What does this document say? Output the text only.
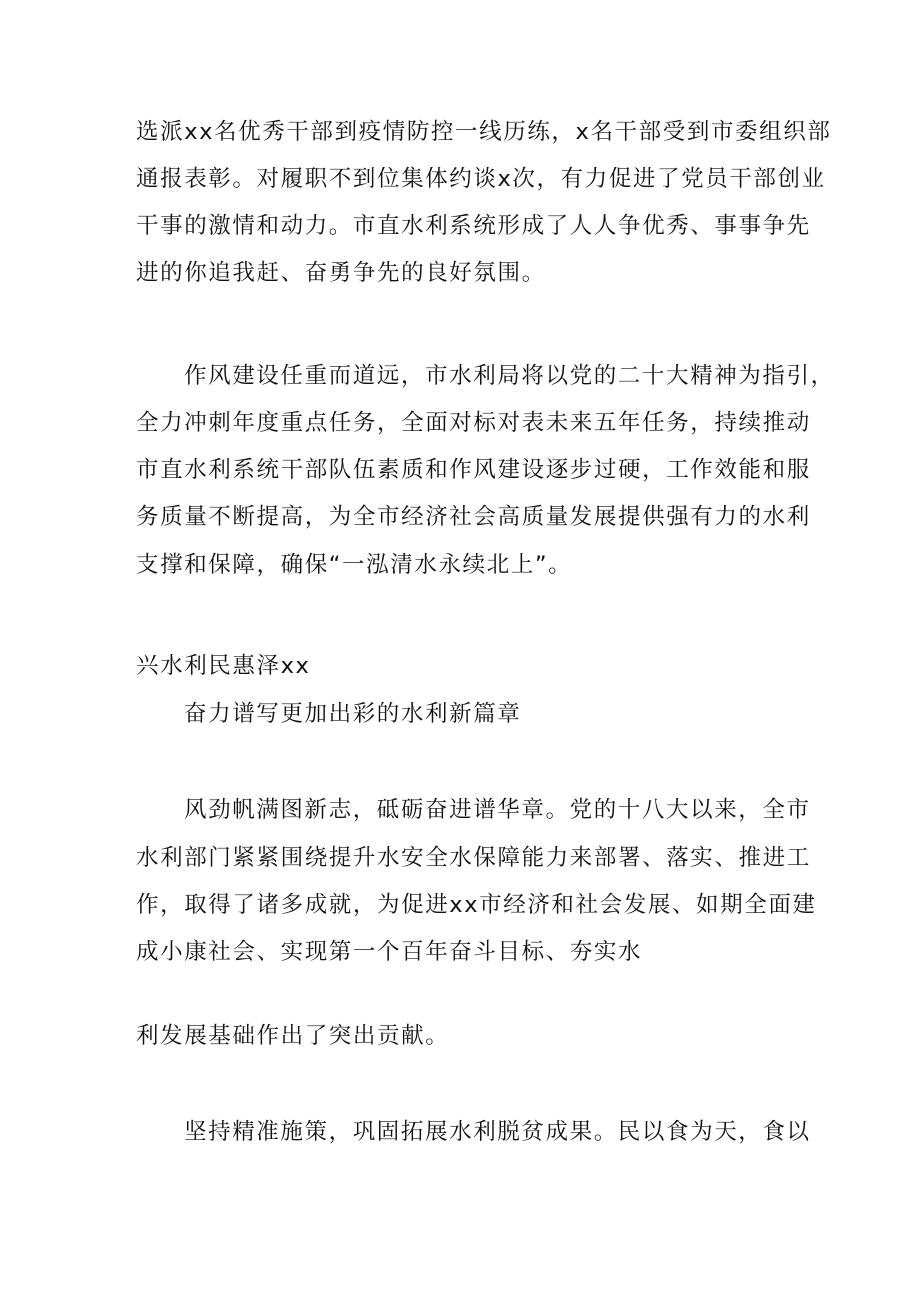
选派xx名优秀干部到疫情防控一线历练，x名干部受到市委组织部
通报表彰。对履职不到位集体约谈x次，有力促进了党员干部创业
干事的激情和动力。市直水利系统形成了人人争优秀、事事争先
进的你追我赶、奋勇争先的良好氛围。
作风建设任重而道远，市水利局将以党的二十大精神为指引，
全力冲刺年度重点任务，全面对标对表未来五年任务，持续推动
市直水利系统干部队伍素质和作风建设逐步过硬，工作效能和服
务质量不断提高，为全市经济社会高质量发展提供强有力的水利
支撑和保障，确保“一泓清水永续北上”。
兴水利民惠泽xx
奋力谱写更加出彩的水利新篇章
风劲帆满图新志，砥砺奋进谱华章。党的十八大以来，全市
水利部门紧紧围绕提升水安全水保障能力来部署、落实、推进工
作，取得了诸多成就，为促进xx市经济和社会发展、如期全面建
成小康社会、实现第一个百年奋斗目标、夯实水
利发展基础作出了突出贡献。
坚持精准施策，巩固拓展水利脱贫成果。民以食为天，食以
